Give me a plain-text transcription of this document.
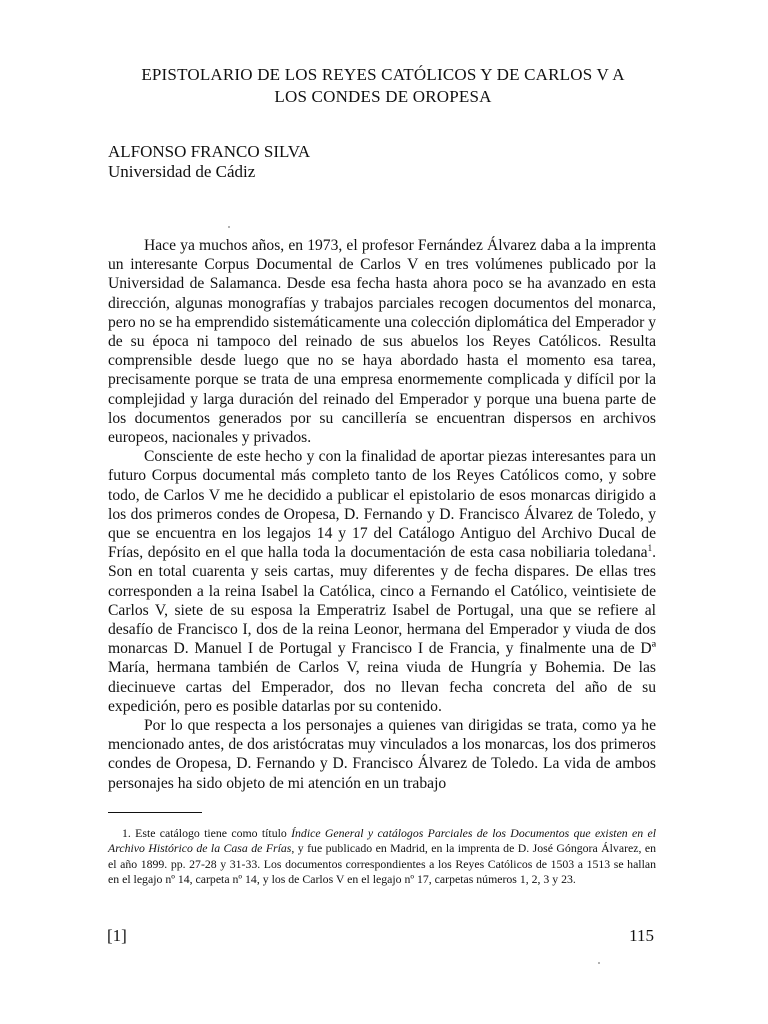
EPISTOLARIO DE LOS REYES CATÓLICOS Y DE CARLOS V A
LOS CONDES DE OROPESA
ALFONSO FRANCO SILVA
Universidad de Cádiz

Hace ya muchos años, en 1973, el profesor Fernández Álvarez daba a la imprenta un interesante Corpus Documental de Carlos V en tres volúmenes publicado por la Universidad de Salamanca. Desde esa fecha hasta ahora poco se ha avanzado en esta dirección, algunas monografías y trabajos parciales recogen documentos del monarca, pero no se ha emprendido sistemáticamente una colección diplomática del Emperador y de su época ni tampoco del reinado de sus abuelos los Reyes Católicos. Resulta comprensible desde luego que no se haya abordado hasta el momento esa tarea, precisamente porque se trata de una empresa enormemente complicada y difícil por la complejidad y larga duración del reinado del Emperador y porque una buena parte de los documentos generados por su cancillería se encuentran dispersos en archivos europeos, nacionales y privados.

Consciente de este hecho y con la finalidad de aportar piezas interesantes para un futuro Corpus documental más completo tanto de los Reyes Católicos como, y sobre todo, de Carlos V me he decidido a publicar el epistolario de esos monarcas dirigido a los dos primeros condes de Oropesa, D. Fernando y D. Francisco Álvarez de Toledo, y que se encuentra en los legajos 14 y 17 del Catálogo Antiguo del Archivo Ducal de Frías, depósito en el que halla toda la documentación de esta casa nobiliaria toledana$^1$. Son en total cuarenta y seis cartas, muy diferentes y de fecha dispares. De ellas tres corresponden a la reina Isabel la Católica, cinco a Fernando el Católico, veintisiete de Carlos V, siete de su esposa la Emperatriz Isabel de Portugal, una que se refiere al desafío de Francisco I, dos de la reina Leonor, hermana del Emperador y viuda de dos monarcas D. Manuel I de Portugal y Francisco I de Francia, y finalmente una de Dª María, hermana también de Carlos V, reina viuda de Hungría y Bohemia. De las diecinueve cartas del Emperador, dos no llevan fecha concreta del año de su expedición, pero es posible datarlas por su contenido.

Por lo que respecta a los personajes a quienes van dirigidas se trata, como ya he mencionado antes, de dos aristócratas muy vinculados a los monarcas, los dos primeros condes de Oropesa, D. Fernando y D. Francisco Álvarez de Toledo. La vida de ambos personajes ha sido objeto de mi atención en un trabajo

1. Este catálogo tiene como título Índice General y catálogos Parciales de los Documentos que existen en el Archivo Histórico de la Casa de Frías, y fue publicado en Madrid, en la imprenta de D. José Góngora Álvarez, en el año 1899. pp. 27-28 y 31-33. Los documentos correspondientes a los Reyes Católicos de 1503 a 1513 se hallan en el legajo nº 14, carpeta nº 14, y los de Carlos V en el legajo nº 17, carpetas números 1, 2, 3 y 23.
[1]	115
